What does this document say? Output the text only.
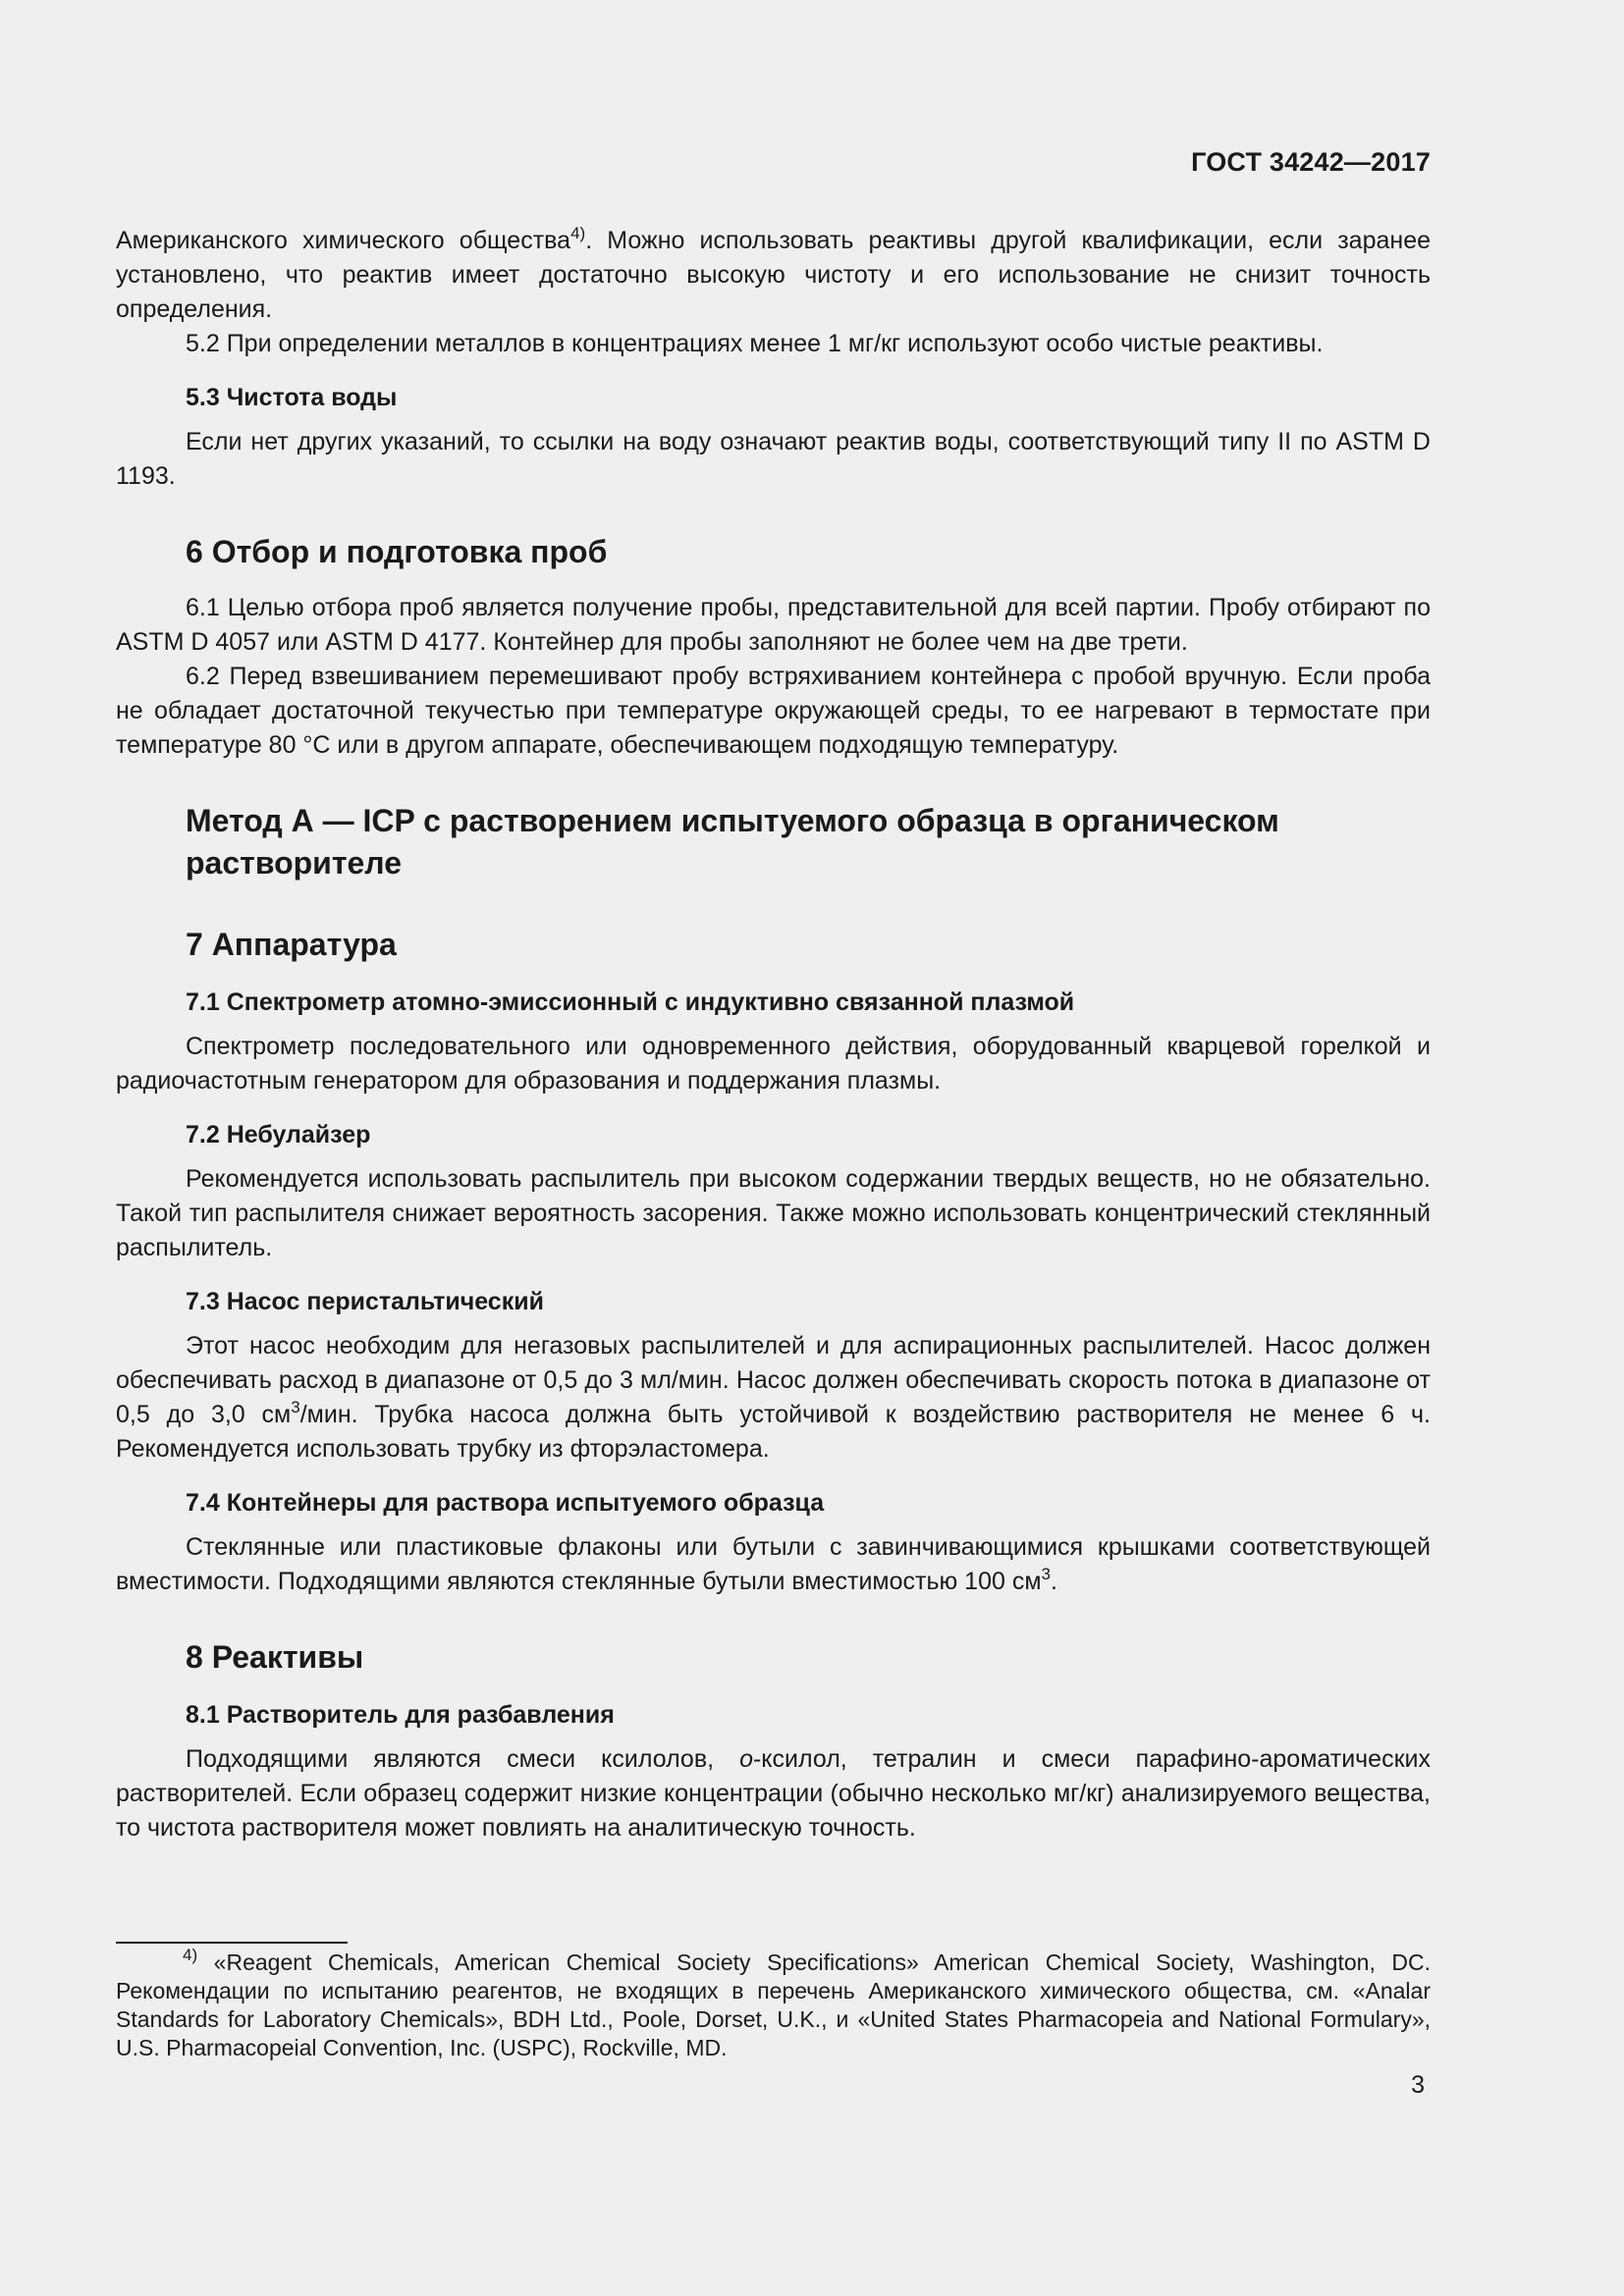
ГОСТ 34242—2017

Американского химического общества$^{4)}$. Можно использовать реактивы другой квалификации, если заранее установлено, что реактив имеет достаточно высокую чистоту и его использование не снизит точность определения.

5.2 При определении металлов в концентрациях менее 1 мг/кг используют особо чистые реактивы.

5.3 Чистота воды

Если нет других указаний, то ссылки на воду означают реактив воды, соответствующий типу II по ASTM D 1193.

6 Отбор и подготовка проб

6.1 Целью отбора проб является получение пробы, представительной для всей партии. Пробу отбирают по ASTM D 4057 или ASTM D 4177. Контейнер для пробы заполняют не более чем на две трети.

6.2 Перед взвешиванием перемешивают пробу встряхиванием контейнера с пробой вручную. Если проба не обладает достаточной текучестью при температуре окружающей среды, то ее нагревают в термостате при температуре 80 °С или в другом аппарате, обеспечивающем подходящую температуру.

Метод А — ICP с растворением испытуемого образца в органическом растворителе
7 Аппаратура
7.1 Спектрометр атомно-эмиссионный с индуктивно связанной плазмой

Спектрометр последовательного или одновременного действия, оборудованный кварцевой горелкой и радиочастотным генератором для образования и поддержания плазмы.

7.2 Небулайзер

Рекомендуется использовать распылитель при высоком содержании твердых веществ, но не обязательно. Такой тип распылителя снижает вероятность засорения. Также можно использовать концентрический стеклянный распылитель.

7.3 Насос перистальтический

Этот насос необходим для негазовых распылителей и для аспирационных распылителей. Насос должен обеспечивать расход в диапазоне от 0,5 до 3 мл/мин. Насос должен обеспечивать скорость потока в диапазоне от 0,5 до 3,0 $см^3$/мин. Трубка насоса должна быть устойчивой к воздействию растворителя не менее 6 ч. Рекомендуется использовать трубку из фторэластомера.

7.4 Контейнеры для раствора испытуемого образца

Стеклянные или пластиковые флаконы или бутыли с завинчивающимися крышками соответствующей вместимости. Подходящими являются стеклянные бутыли вместимостью 100 $см^3$.

8 Реактивы
8.1 Растворитель для разбавления

Подходящими являются смеси ксилолов, о-ксилол, тетралин и смеси парафино-ароматических растворителей. Если образец содержит низкие концентрации (обычно несколько мг/кг) анализируемого вещества, то чистота растворителя может повлиять на аналитическую точность.

$^{4)}$ «Reagent Chemicals, American Chemical Society Specifications» American Chemical Society, Washington, DC. Рекомендации по испытанию реагентов, не входящих в перечень Американского химического общества, см. «Analar Standards for Laboratory Chemicals», BDH Ltd., Poole, Dorset, U.K., и «United States Pharmacopeia and National Formulary», U.S. Pharmacopeial Convention, Inc. (USPC), Rockville, MD.
3
